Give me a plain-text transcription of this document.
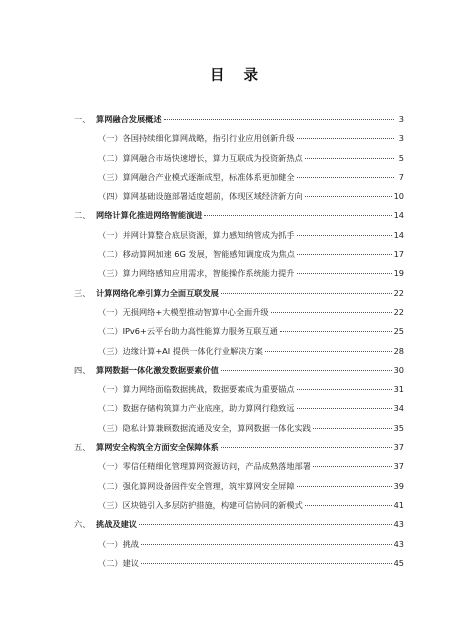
目 录
一、 算网融合发展概述	3
（一）各国持续细化算网战略，指引行业应用创新升级	3
（二）算网融合市场快速增长，算力互联成为投资新热点	5
（三）算网融合产业模式逐渐成型，标准体系更加健全	7
（四）算网基础设施部署适度超前，体现区域经济新方向	10
二、 网络计算化推进网络智能演进	14
（一）并网计算整合底层资源，算力感知纳管成为抓手	14
（二）移动算网加速 6G 发展，智能感知调度成为焦点	17
（三）算力网络感知应用需求，智能操作系统能力提升	19
三、 计算网络化牵引算力全面互联发展	22
（一）无损网络+大模型推动智算中心全面升级	22
（二）IPv6+云平台助力高性能算力服务互联互通	25
（三）边缘计算+AI 提供一体化行业解决方案	28
四、 算网数据一体化激发数据要素价值	30
（一）算力网络面临数据挑战，数据要素成为重要锚点	31
（二）数据存储构筑算力产业底座，助力算网行稳致远	34
（三）隐私计算兼顾数据流通及安全，算网数据一体化实践	35
五、 算网安全构筑全方面安全保障体系	37
（一）零信任精细化管理算网资源访问，产品成熟落地部署	37
（二）强化算网设备固件安全管理，筑牢算网安全屏障	39
（三）区块链引入多层防护措施，构建可信协同的新模式	41
六、 挑战及建议	43
（一）挑战	43
（二）建议	45
